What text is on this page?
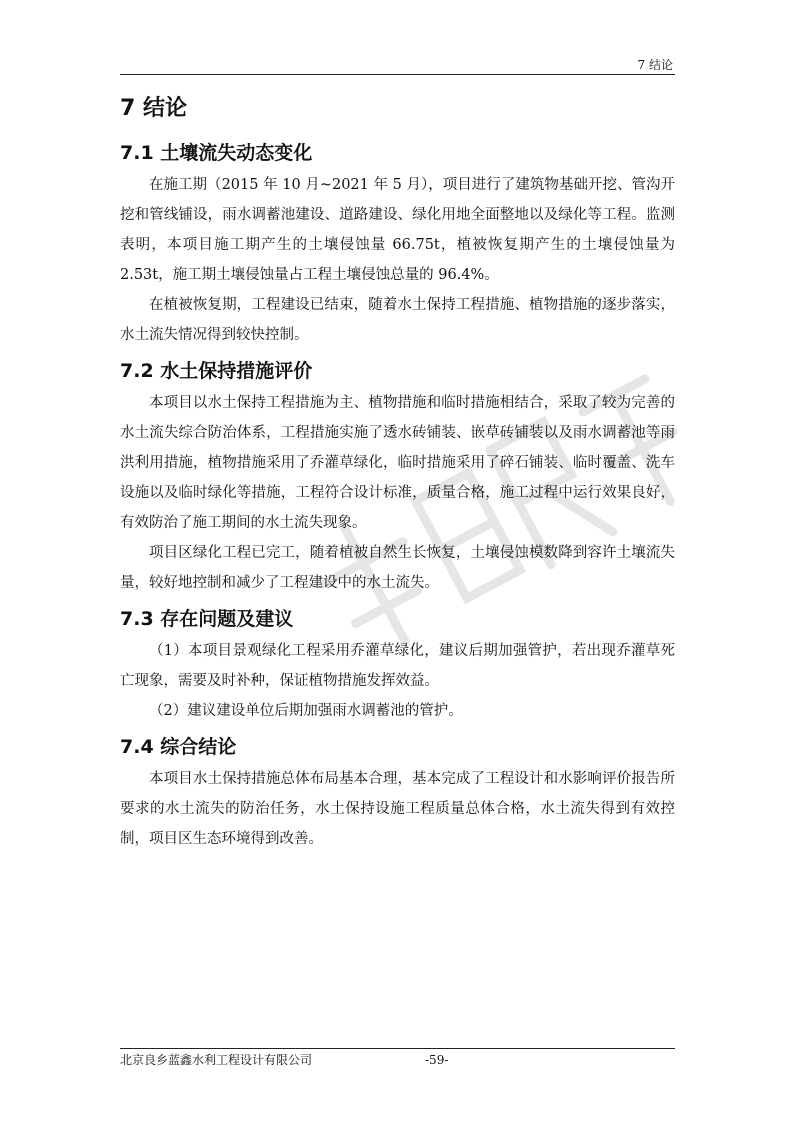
7 结论
7 结论
7.1 土壤流失动态变化

在施工期（2015 年 10 月~2021 年 5 月），项目进行了建筑物基础开挖、管沟开挖和管线铺设，雨水调蓄池建设、道路建设、绿化用地全面整地以及绿化等工程。监测表明，本项目施工期产生的土壤侵蚀量 66.75t，植被恢复期产生的土壤侵蚀量为 2.53t，施工期土壤侵蚀量占工程土壤侵蚀总量的 96.4%。

在植被恢复期，工程建设已结束，随着水土保持工程措施、植物措施的逐步落实，水土流失情况得到较快控制。

7.2 水土保持措施评价

本项目以水土保持工程措施为主、植物措施和临时措施相结合，采取了较为完善的水土流失综合防治体系，工程措施实施了透水砖铺装、嵌草砖铺装以及雨水调蓄池等雨洪利用措施，植物措施采用了乔灌草绿化，临时措施采用了碎石铺装、临时覆盖、洗车设施以及临时绿化等措施，工程符合设计标准，质量合格，施工过程中运行效果良好，有效防治了施工期间的水土流失现象。

项目区绿化工程已完工，随着植被自然生长恢复，土壤侵蚀模数降到容许土壤流失量，较好地控制和减少了工程建设中的水土流失。

7.3 存在问题及建议

（1）本项目景观绿化工程采用乔灌草绿化，建议后期加强管护，若出现乔灌草死亡现象，需要及时补种，保证植物措施发挥效益。

（2）建议建设单位后期加强雨水调蓄池的管护。

7.4 综合结论

本项目水土保持措施总体布局基本合理，基本完成了工程设计和水影响评价报告所要求的水土流失的防治任务，水土保持设施工程质量总体合格，水土流失得到有效控制，项目区生态环境得到改善。

北京良乡蓝鑫水利工程设计有限公司	-59-
